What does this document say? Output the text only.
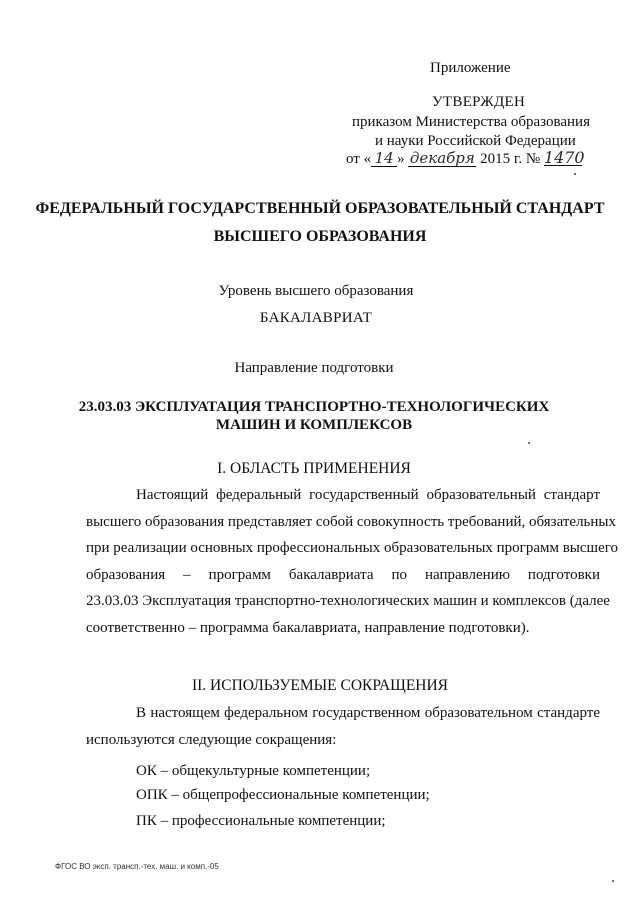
Приложение
УТВЕРЖДЕН
приказом Министерства образования
и науки Российской Федерации
от « 14 » декабря 2015 г. № 1470
ФЕДЕРАЛЬНЫЙ ГОСУДАРСТВЕННЫЙ ОБРАЗОВАТЕЛЬНЫЙ СТАНДАРТ
ВЫСШЕГО ОБРАЗОВАНИЯ
Уровень высшего образования
БАКАЛАВРИАТ
Направление подготовки
23.03.03 ЭКСПЛУАТАЦИЯ ТРАНСПОРТНО-ТЕХНОЛОГИЧЕСКИХ
МАШИН И КОМПЛЕКСОВ
I. ОБЛАСТЬ ПРИМЕНЕНИЯ
Настоящий федеральный государственный образовательный стандарт
высшего образования представляет собой совокупность требований, обязательных
при реализации основных профессиональных образовательных программ высшего
образования – программ бакалавриата по направлению подготовки
23.03.03 Эксплуатация транспортно-технологических машин и комплексов (далее
соответственно – программа бакалавриата, направление подготовки).
II. ИСПОЛЬЗУЕМЫЕ СОКРАЩЕНИЯ
В настоящем федеральном государственном образовательном стандарте
используются следующие сокращения:
ОК – общекультурные компетенции;
ОПК – общепрофессиональные компетенции;
ПК – профессиональные компетенции;
ФГОС ВО эксп. трансп.-тех. маш. и комп.-05
